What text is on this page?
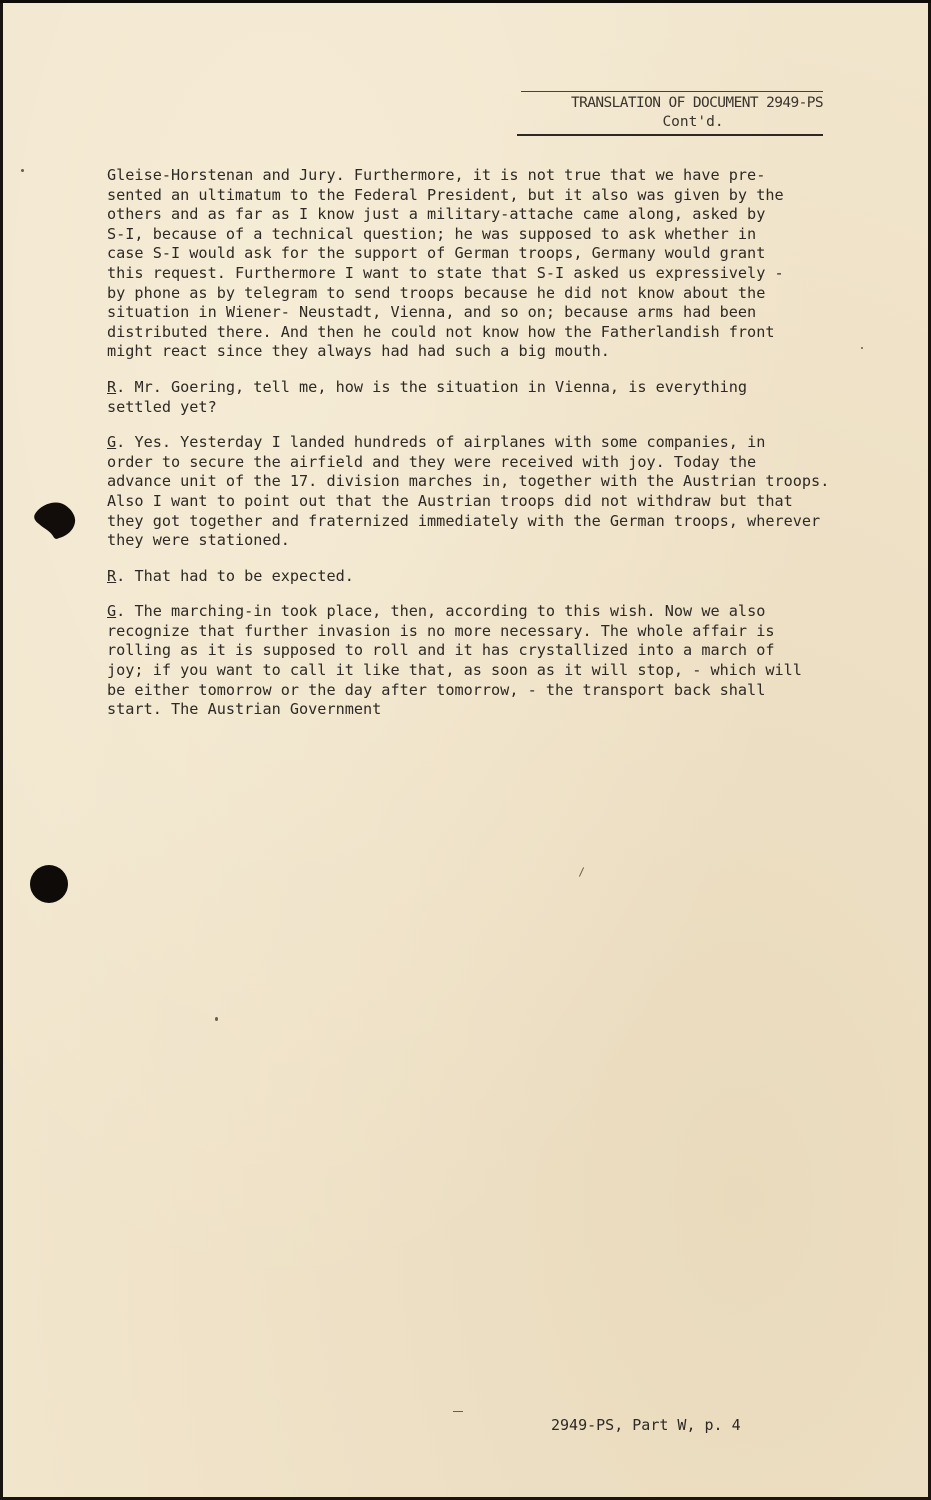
TRANSLATION OF DOCUMENT 2949-PS
Cont'd.
Gleise-Horstenan and Jury. Furthermore, it is not true that we have pre-
sented an ultimatum to the Federal President, but it also was given by the
others and as far as I know just a military-attache came along, asked by
S-I, because of a technical question; he was supposed to ask whether in
case S-I would ask for the support of German troops, Germany would grant
this request. Furthermore I want to state that S-I asked us expressively -
by phone as by telegram to send troops because he did not know about the
situation in Wiener- Neustadt, Vienna, and so on; because arms had been
distributed there. And then he could not know how the Fatherlandish front
might react since they always had had such a big mouth.
R. Mr. Goering, tell me, how is the situation in Vienna, is everything
settled yet?
G. Yes. Yesterday I landed hundreds of airplanes with some companies, in
order to secure the airfield and they were received with joy. Today the
advance unit of the 17. division marches in, together with the Austrian troops.
Also I want to point out that the Austrian troops did not withdraw but that
they got together and fraternized immediately with the German troops, wherever
they were stationed.
R. That had to be expected.
G. The marching-in took place, then, according to this wish. Now we also
recognize that further invasion is no more necessary. The whole affair is
rolling as it is supposed to roll and it has crystallized into a march of
joy; if you want to call it like that, as soon as it will stop, - which will
be either tomorrow or the day after tomorrow, - the transport back shall
start. The Austrian Government
2949-PS, Part W, p. 4
